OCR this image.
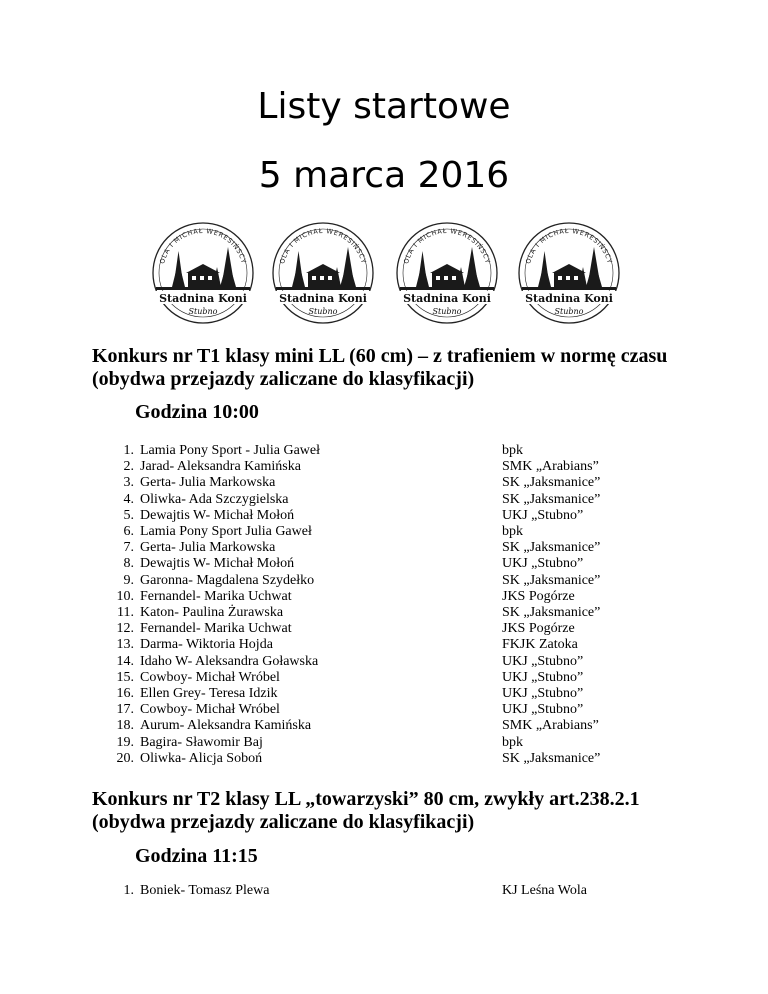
Listy startowe
5 marca 2016
OLA I MICHAŁ WERESIŃSCY
Stadnina Koni
Stubno
OLA I MICHAŁ WERESIŃSCY
Stadnina Koni
Stubno
OLA I MICHAŁ WERESIŃSCY
Stadnina Koni
Stubno
OLA I MICHAŁ WERESIŃSCY
Stadnina Koni
Stubno
Konkurs nr T1 klasy mini LL (60 cm) – z trafieniem w normę czasu
(obydwa przejazdy zaliczane do klasyfikacji)
Godzina 10:00
1. Lamia Pony Sport - Julia Gaweł	bpk
2. Jarad- Aleksandra Kamińska	SMK „Arabians”
3. Gerta- Julia Markowska	SK „Jaksmanice”
4. Oliwka- Ada Szczygielska	SK „Jaksmanice”
5. Dewajtis W- Michał Mołoń	UKJ „Stubno”
6. Lamia Pony Sport Julia Gaweł	bpk
7. Gerta- Julia Markowska	SK „Jaksmanice”
8. Dewajtis W- Michał Mołoń	UKJ „Stubno”
9. Garonna- Magdalena Szydełko	SK „Jaksmanice”
10. Fernandel- Marika Uchwat	JKS Pogórze
11. Katon- Paulina Żurawska	SK „Jaksmanice”
12. Fernandel- Marika Uchwat	JKS Pogórze
13. Darma- Wiktoria Hojda	FKJK Zatoka
14. Idaho W- Aleksandra Goławska	UKJ „Stubno”
15. Cowboy- Michał Wróbel	UKJ „Stubno”
16. Ellen Grey- Teresa Idzik	UKJ „Stubno”
17. Cowboy- Michał Wróbel	UKJ „Stubno”
18. Aurum- Aleksandra Kamińska	SMK „Arabians”
19. Bagira- Sławomir Baj	bpk
20. Oliwka- Alicja Soboń	SK „Jaksmanice”
Konkurs nr T2 klasy LL „towarzyski” 80 cm, zwykły art.238.2.1
(obydwa przejazdy zaliczane do klasyfikacji)
Godzina 11:15
1. Boniek- Tomasz Plewa	KJ Leśna Wola
